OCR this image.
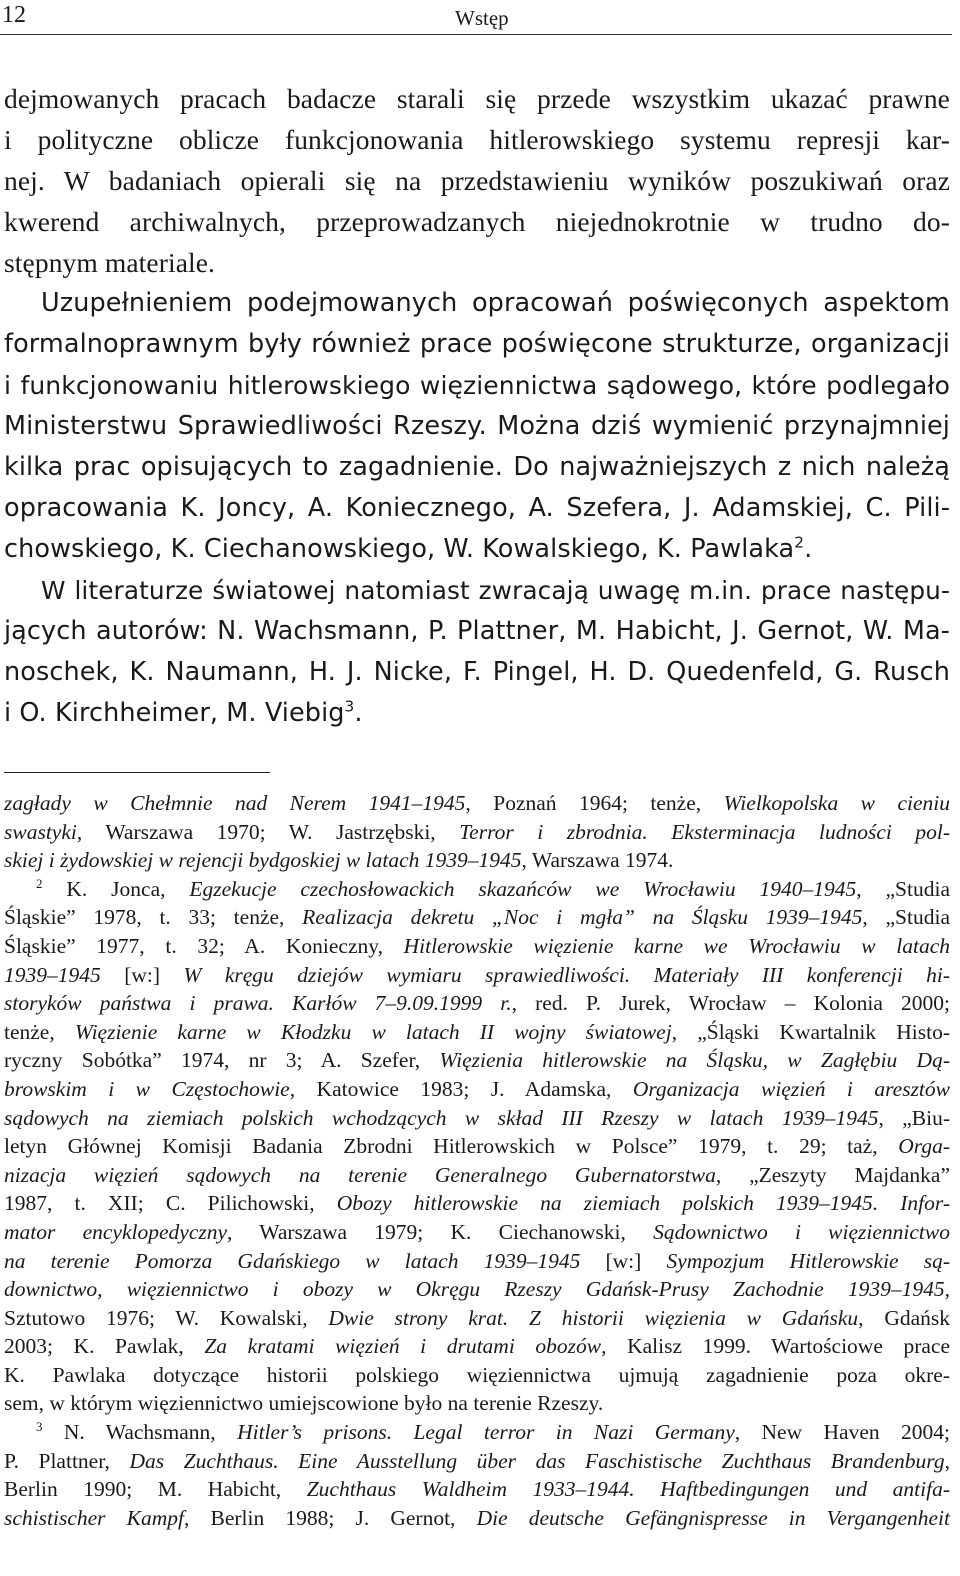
12	Wstęp
dejmowanych pracach badacze starali się przede wszystkim ukazać prawne
i polityczne oblicze funkcjonowania hitlerowskiego systemu represji kar-
nej. W badaniach opierali się na przedstawieniu wyników poszukiwań oraz
kwerend archiwalnych, przeprowadzanych niejednokrotnie w trudno do-
stępnym materiale.
Uzupełnieniem podejmowanych opracowań poświęconych aspektom
formalnoprawnym były również prace poświęcone strukturze, organizacji
i funkcjonowaniu hitlerowskiego więziennictwa sądowego, które podlegało
Ministerstwu Sprawiedliwości Rzeszy. Można dziś wymienić przynajmniej
kilka prac opisujących to zagadnienie. Do najważniejszych z nich należą
opracowania K. Joncy, A. Koniecznego, A. Szefera, J. Adamskiej, C. Pili-
chowskiego, K. Ciechanowskiego, W. Kowalskiego, K. Pawlaka$^2$.
W literaturze światowej natomiast zwracają uwagę m.in. prace następu-
jących autorów: N. Wachsmann, P. Plattner, M. Habicht, J. Gernot, W. Ma-
noschek, K. Naumann, H. J. Nicke, F. Pingel, H. D. Quedenfeld, G. Rusch
i O. Kirchheimer, M. Viebig$^3$.
zagłady w Chełmnie nad Nerem 1941–1945, Poznań 1964; tenże, Wielkopolska w cieniu
swastyki, Warszawa 1970; W. Jastrzębski, Terror i zbrodnia. Eksterminacja ludności pol-
skiej i żydowskiej w rejencji bydgoskiej w latach 1939–1945, Warszawa 1974.
$^2$ K. Jonca, Egzekucje czechosłowackich skazańców we Wrocławiu 1940–1945, „Studia
Śląskie” 1978, t. 33; tenże, Realizacja dekretu „Noc i mgła” na Śląsku 1939–1945, „Studia
Śląskie” 1977, t. 32; A. Konieczny, Hitlerowskie więzienie karne we Wrocławiu w latach
1939–1945 [w:] W kręgu dziejów wymiaru sprawiedliwości. Materiały III konferencji hi-
storyków państwa i prawa. Karłów 7–9.09.1999 r., red. P. Jurek, Wrocław – Kolonia 2000;
tenże, Więzienie karne w Kłodzku w latach II wojny światowej, „Śląski Kwartalnik Histo-
ryczny Sobótka” 1974, nr 3; A. Szefer, Więzienia hitlerowskie na Śląsku, w Zagłębiu Dą-
browskim i w Częstochowie, Katowice 1983; J. Adamska, Organizacja więzień i aresztów
sądowych na ziemiach polskich wchodzących w skład III Rzeszy w latach 1939–1945, „Biu-
letyn Głównej Komisji Badania Zbrodni Hitlerowskich w Polsce” 1979, t. 29; taż, Orga-
nizacja więzień sądowych na terenie Generalnego Gubernatorstwa, „Zeszyty Majdanka”
1987, t. XII; C. Pilichowski, Obozy hitlerowskie na ziemiach polskich 1939–1945. Infor-
mator encyklopedyczny, Warszawa 1979; K. Ciechanowski, Sądownictwo i więziennictwo
na terenie Pomorza Gdańskiego w latach 1939–1945 [w:] Sympozjum Hitlerowskie są-
downictwo, więziennictwo i obozy w Okręgu Rzeszy Gdańsk-Prusy Zachodnie 1939–1945,
Sztutowo 1976; W. Kowalski, Dwie strony krat. Z historii więzienia w Gdańsku, Gdańsk
2003; K. Pawlak, Za kratami więzień i drutami obozów, Kalisz 1999. Wartościowe prace
K. Pawlaka dotyczące historii polskiego więziennictwa ujmują zagadnienie poza okre-
sem, w którym więziennictwo umiejscowione było na terenie Rzeszy.
$^3$ N. Wachsmann, Hitler’s prisons. Legal terror in Nazi Germany, New Haven 2004;
P. Plattner, Das Zuchthaus. Eine Ausstellung über das Faschistische Zuchthaus Brandenburg,
Berlin 1990; M. Habicht, Zuchthaus Waldheim 1933–1944. Haftbedingungen und antifa-
schistischer Kampf, Berlin 1988; J. Gernot, Die deutsche Gefängnispresse in Vergangenheit
